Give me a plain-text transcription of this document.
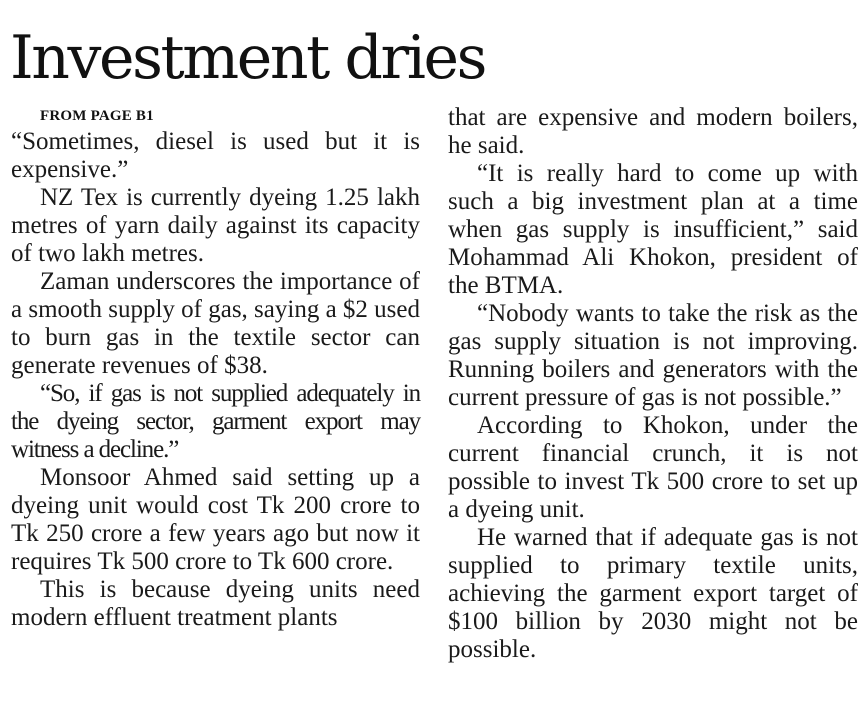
Investment dries

FROM PAGE B1

“Sometimes, diesel is used but it is expensive.”

NZ Tex is currently dyeing 1.25 lakh metres of yarn daily against its capacity of two lakh metres.

Zaman underscores the importance of a smooth supply of gas, saying a $2 used to burn gas in the textile sector can generate revenues of $38.

“So, if gas is not supplied adequately in the dyeing sector, garment export may witness a decline.”

Monsoor Ahmed said setting up a dyeing unit would cost Tk 200 crore to Tk 250 crore a few years ago but now it requires Tk 500 crore to Tk 600 crore.

This is because dyeing units need modern effluent treatment plants

that are expensive and modern boilers, he said.

“It is really hard to come up with such a big investment plan at a time when gas supply is insufficient,” said Mohammad Ali Khokon, president of the BTMA.

“Nobody wants to take the risk as the gas supply situation is not improving. Running boilers and generators with the current pressure of gas is not possible.”

According to Khokon, under the current financial crunch, it is not possible to invest Tk 500 crore to set up a dyeing unit.

He warned that if adequate gas is not supplied to primary textile units, achieving the garment export target of $100 billion by 2030 might not be possible.
